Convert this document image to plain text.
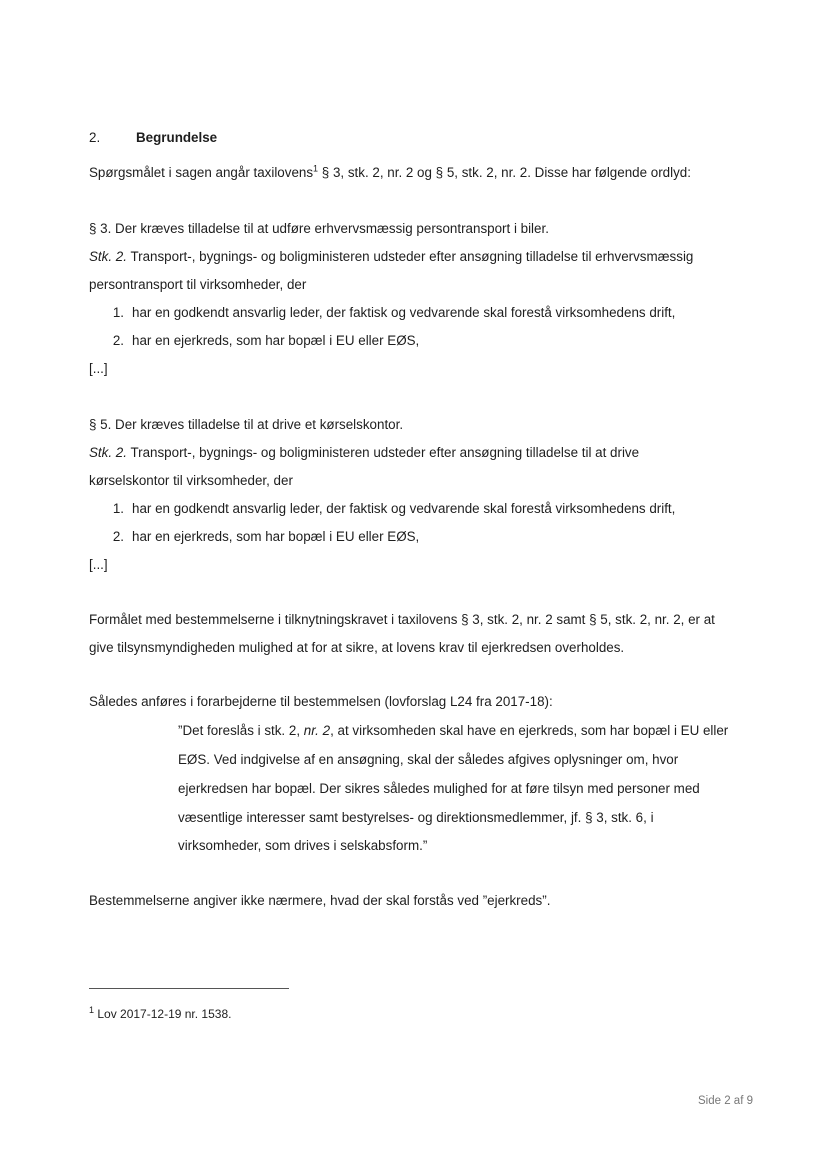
2.	Begrundelse
Spørgsmålet i sagen angår taxilovens$^1$ § 3, stk. 2, nr. 2 og § 5, stk. 2, nr. 2. Disse har følgende ordlyd:
§ 3. Der kræves tilladelse til at udføre erhvervsmæssig persontransport i biler.
Stk. 2. Transport-, bygnings- og boligministeren udsteder efter ansøgning tilladelse til erhvervsmæssig
persontransport til virksomheder, der
1. har en godkendt ansvarlig leder, der faktisk og vedvarende skal forestå virksomhedens drift,
2. har en ejerkreds, som har bopæl i EU eller EØS,
[...]
§ 5. Der kræves tilladelse til at drive et kørselskontor.
Stk. 2. Transport-, bygnings- og boligministeren udsteder efter ansøgning tilladelse til at drive
kørselskontor til virksomheder, der
1. har en godkendt ansvarlig leder, der faktisk og vedvarende skal forestå virksomhedens drift,
2. har en ejerkreds, som har bopæl i EU eller EØS,
[...]
Formålet med bestemmelserne i tilknytningskravet i taxilovens § 3, stk. 2, nr. 2 samt § 5, stk. 2, nr. 2, er at
give tilsynsmyndigheden mulighed at for at sikre, at lovens krav til ejerkredsen overholdes.
Således anføres i forarbejderne til bestemmelsen (lovforslag L24 fra 2017-18):
”Det foreslås i stk. 2, nr. 2, at virksomheden skal have en ejerkreds, som har bopæl i EU eller
EØS. Ved indgivelse af en ansøgning, skal der således afgives oplysninger om, hvor
ejerkredsen har bopæl. Der sikres således mulighed for at føre tilsyn med personer med
væsentlige interesser samt bestyrelses- og direktionsmedlemmer, jf. § 3, stk. 6, i
virksomheder, som drives i selskabsform.”
Bestemmelserne angiver ikke nærmere, hvad der skal forstås ved ”ejerkreds”.
$^1$ Lov 2017-12-19 nr. 1538.
Side 2 af 9
